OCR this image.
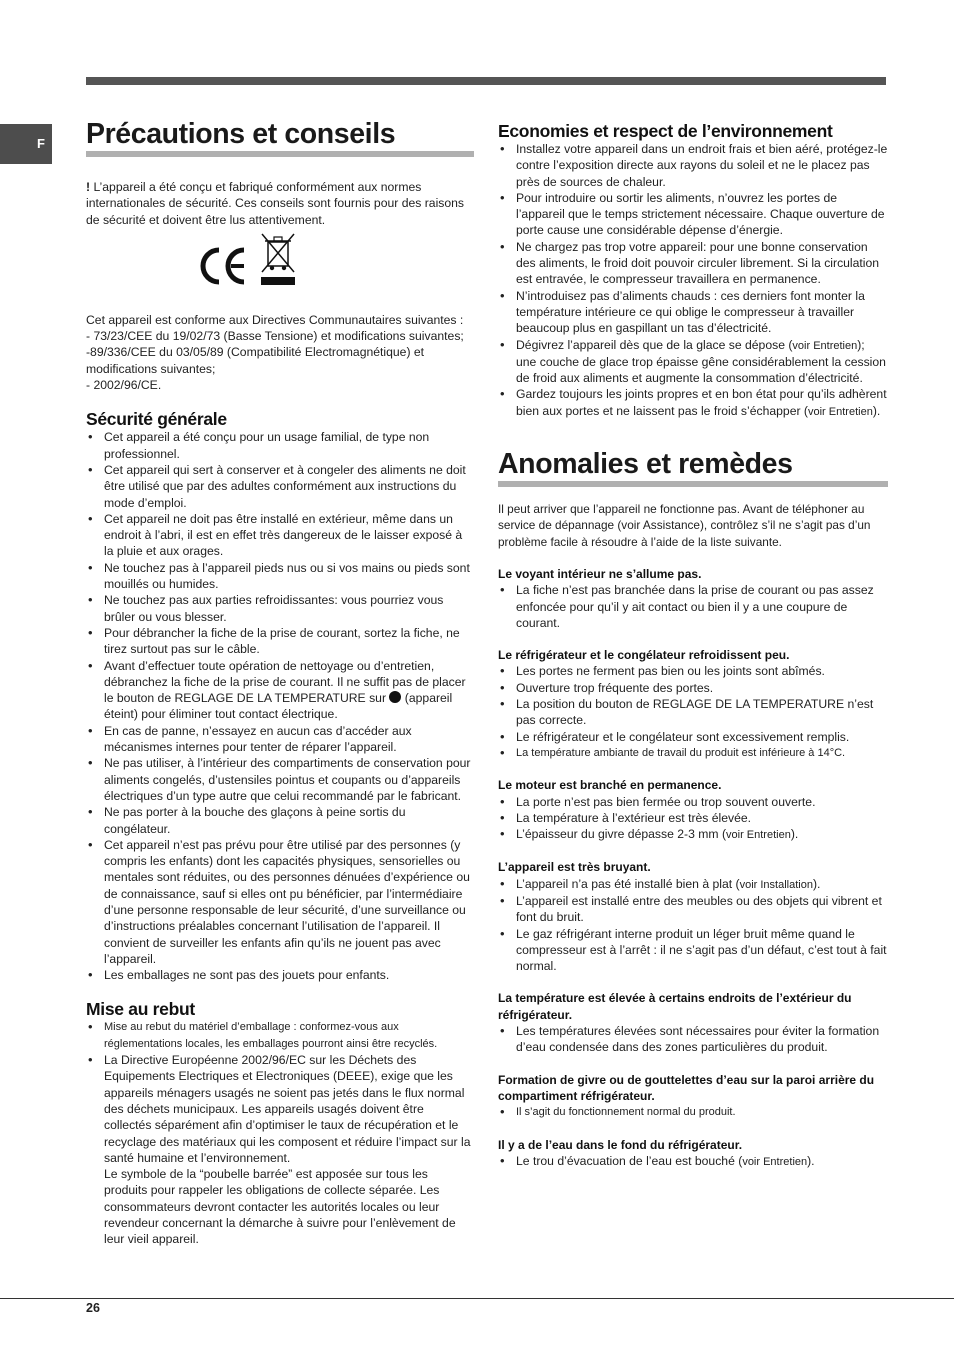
F Précautions et conseils

! L’appareil a été conçu et fabriqué conformément aux normes internationales de sécurité. Ces conseils sont fournis pour des raisons de sécurité et doivent être lus attentivement.

Cet appareil est conforme aux Directives Communautaires suivantes :

- 73/23/CEE du 19/02/73 (Basse Tensione) et modifications suivantes;

-89/336/CEE du 03/05/89 (Compatibilité Electromagnétique) et modifications suivantes;

- 2002/96/CE.

Sécurité générale
• Cet appareil a été conçu pour un usage familial, de type non professionnel.
• Cet appareil qui sert à conserver et à congeler des aliments ne doit être utilisé que par des adultes conformément aux instructions du mode d’emploi.
• Cet appareil ne doit pas être installé en extérieur, même dans un endroit à l’abri, il est en effet très dangereux de le laisser exposé à la pluie et aux orages.
• Ne touchez pas à l’appareil pieds nus ou si vos mains ou pieds sont mouillés ou humides.
• Ne touchez pas aux parties refroidissantes: vous pourriez vous brûler ou vous blesser.
• Pour débrancher la fiche de la prise de courant, sortez la fiche, ne tirez surtout pas sur le câble.
• Avant d’effectuer toute opération de nettoyage ou d’entretien, débranchez la fiche de la prise de courant. Il ne suffit pas de placer le bouton de REGLAGE DE LA TEMPERATURE sur (appareil éteint) pour éliminer tout contact électrique.
• En cas de panne, n’essayez en aucun cas d’accéder aux mécanismes internes pour tenter de réparer l’appareil.
• Ne pas utiliser, à l’intérieur des compartiments de conservation pour aliments congelés, d’ustensiles pointus et coupants ou d’appareils électriques d’un type autre que celui recommandé par le fabricant.
• Ne pas porter à la bouche des glaçons à peine sortis du congélateur.
• Cet appareil n’est pas prévu pour être utilisé par des personnes (y compris les enfants) dont les capacités physiques, sensorielles ou mentales sont réduites, ou des personnes dénuées d’expérience ou de connaissance, sauf si elles ont pu bénéficier, par l’intermédiaire d’une personne responsable de leur sécurité, d’une surveillance ou d’instructions préalables concernant l’utilisation de l’appareil. Il convient de surveiller les enfants afin qu’ils ne jouent pas avec l’appareil.
• Les emballages ne sont pas des jouets pour enfants.
Mise au rebut
• Mise au rebut du matériel d’emballage : conformez-vous aux réglementations locales, les emballages pourront ainsi être recyclés.
• La Directive Européenne 2002/96/EC sur les Déchets des Equipements Electriques et Electroniques (DEEE), exige que les appareils ménagers usagés ne soient pas jetés dans le flux normal des déchets municipaux. Les appareils usagés doivent être collectés séparément afin d’optimiser le taux de récupération et le recyclage des matériaux qui les composent et réduire l’impact sur la santé humaine et l’environnement.
Le symbole de la “poubelle barrée” est apposée sur tous les produits pour rappeler les obligations de collecte séparée. Les consommateurs devront contacter les autorités locales ou leur revendeur concernant la démarche à suivre pour l’enlèvement de leur vieil appareil.
Economies et respect de l’environnement
• Installez votre appareil dans un endroit frais et bien aéré, protégez-le contre l’exposition directe aux rayons du soleil et ne le placez pas près de sources de chaleur.
• Pour introduire ou sortir les aliments, n’ouvrez les portes de l’appareil que le temps strictement nécessaire. Chaque ouverture de porte cause une considérable dépense d’énergie.
• Ne chargez pas trop votre appareil: pour une bonne conservation des aliments, le froid doit pouvoir circuler librement. Si la circulation est entravée, le compresseur travaillera en permanence.
• N’introduisez pas d’aliments chauds : ces derniers font monter la température intérieure ce qui oblige le compresseur à travailler beaucoup plus en gaspillant un tas d’électricité.
• Dégivrez l’appareil dès que de la glace se dépose (voir Entretien); une couche de glace trop épaisse gêne considérablement la cession de froid aux aliments et augmente la consommation d’électricité.
• Gardez toujours les joints propres et en bon état pour qu’ils adhèrent bien aux portes et ne laissent pas le froid s’échapper (voir Entretien).
Anomalies et remèdes

Il peut arriver que l’appareil ne fonctionne pas. Avant de téléphoner au service de dépannage (voir Assistance), contrôlez s’il ne s’agit pas d’un problème facile à résoudre à l’aide de la liste suivante.

Le voyant intérieur ne s’allume pas.

• La fiche n’est pas branchée dans la prise de courant ou pas assez enfoncée pour qu’il y ait contact ou bien il y a une coupure de courant.

Le réfrigérateur et le congélateur refroidissent peu.

• Les portes ne ferment pas bien ou les joints sont abîmés.
• Ouverture trop fréquente des portes.
• La position du bouton de REGLAGE DE LA TEMPERATURE n’est pas correcte.
• Le réfrigérateur et le congélateur sont excessivement remplis.
• La température ambiante de travail du produit est inférieure à 14°C.

Le moteur est branché en permanence.

• La porte n’est pas bien fermée ou trop souvent ouverte.
• La température à l’extérieur est très élevée.
• L’épaisseur du givre dépasse 2-3 mm (voir Entretien).

L’appareil est très bruyant.

• L’appareil n’a pas été installé bien à plat (voir Installation).
• L’appareil est installé entre des meubles ou des objets qui vibrent et font du bruit.
• Le gaz réfrigérant interne produit un léger bruit même quand le compresseur est à l’arrêt : il ne s’agit pas d’un défaut, c’est tout à fait normal.

La température est élevée à certains endroits de l’extérieur du réfrigérateur.

• Les températures élevées sont nécessaires pour éviter la formation d’eau condensée dans des zones particulières du produit.

Formation de givre ou de gouttelettes d’eau sur la paroi arrière du compartiment réfrigérateur.

• Il s’agit du fonctionnement normal du produit.

Il y a de l’eau dans le fond du réfrigérateur.

• Le trou d’évacuation de l’eau est bouché (voir Entretien).
26
